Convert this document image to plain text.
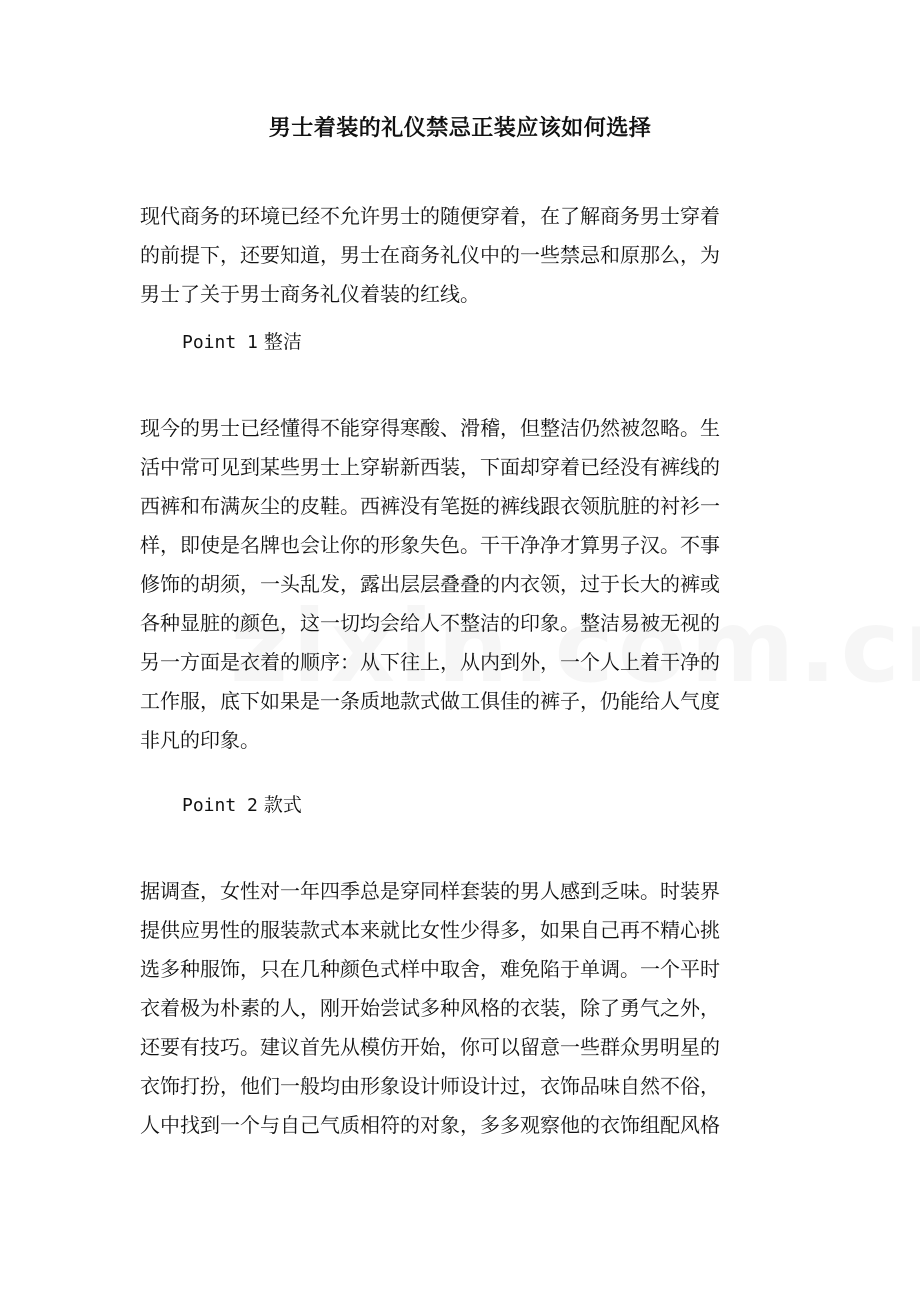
男士着装的礼仪禁忌正装应该如何选择
现代商务的环境已经不允许男士的随便穿着，在了解商务男士穿着
的前提下，还要知道，男士在商务礼仪中的一些禁忌和原那么，为
男士了关于男士商务礼仪着装的红线。
Point 1 整洁
现今的男士已经懂得不能穿得寒酸、滑稽，但整洁仍然被忽略。生
活中常可见到某些男士上穿崭新西装，下面却穿着已经没有裤线的
西裤和布满灰尘的皮鞋。西裤没有笔挺的裤线跟衣领肮脏的衬衫一
样，即使是名牌也会让你的形象失色。干干净净才算男子汉。不事
修饰的胡须，一头乱发，露出层层叠叠的内衣领，过于长大的裤或
各种显脏的颜色，这一切均会给人不整洁的印象。整洁易被无视的
另一方面是衣着的顺序：从下往上，从内到外，一个人上着干净的
工作服，底下如果是一条质地款式做工俱佳的裤子，仍能给人气度
非凡的印象。
Point 2 款式
据调查，女性对一年四季总是穿同样套装的男人感到乏味。时装界
提供应男性的服装款式本来就比女性少得多，如果自己再不精心挑
选多种服饰，只在几种颜色式样中取舍，难免陷于单调。一个平时
衣着极为朴素的人，刚开始尝试多种风格的衣装，除了勇气之外，
还要有技巧。建议首先从模仿开始，你可以留意一些群众男明星的
衣饰打扮，他们一般均由形象设计师设计过，衣饰品味自然不俗，
人中找到一个与自己气质相符的对象，多多观察他的衣饰组配风格
